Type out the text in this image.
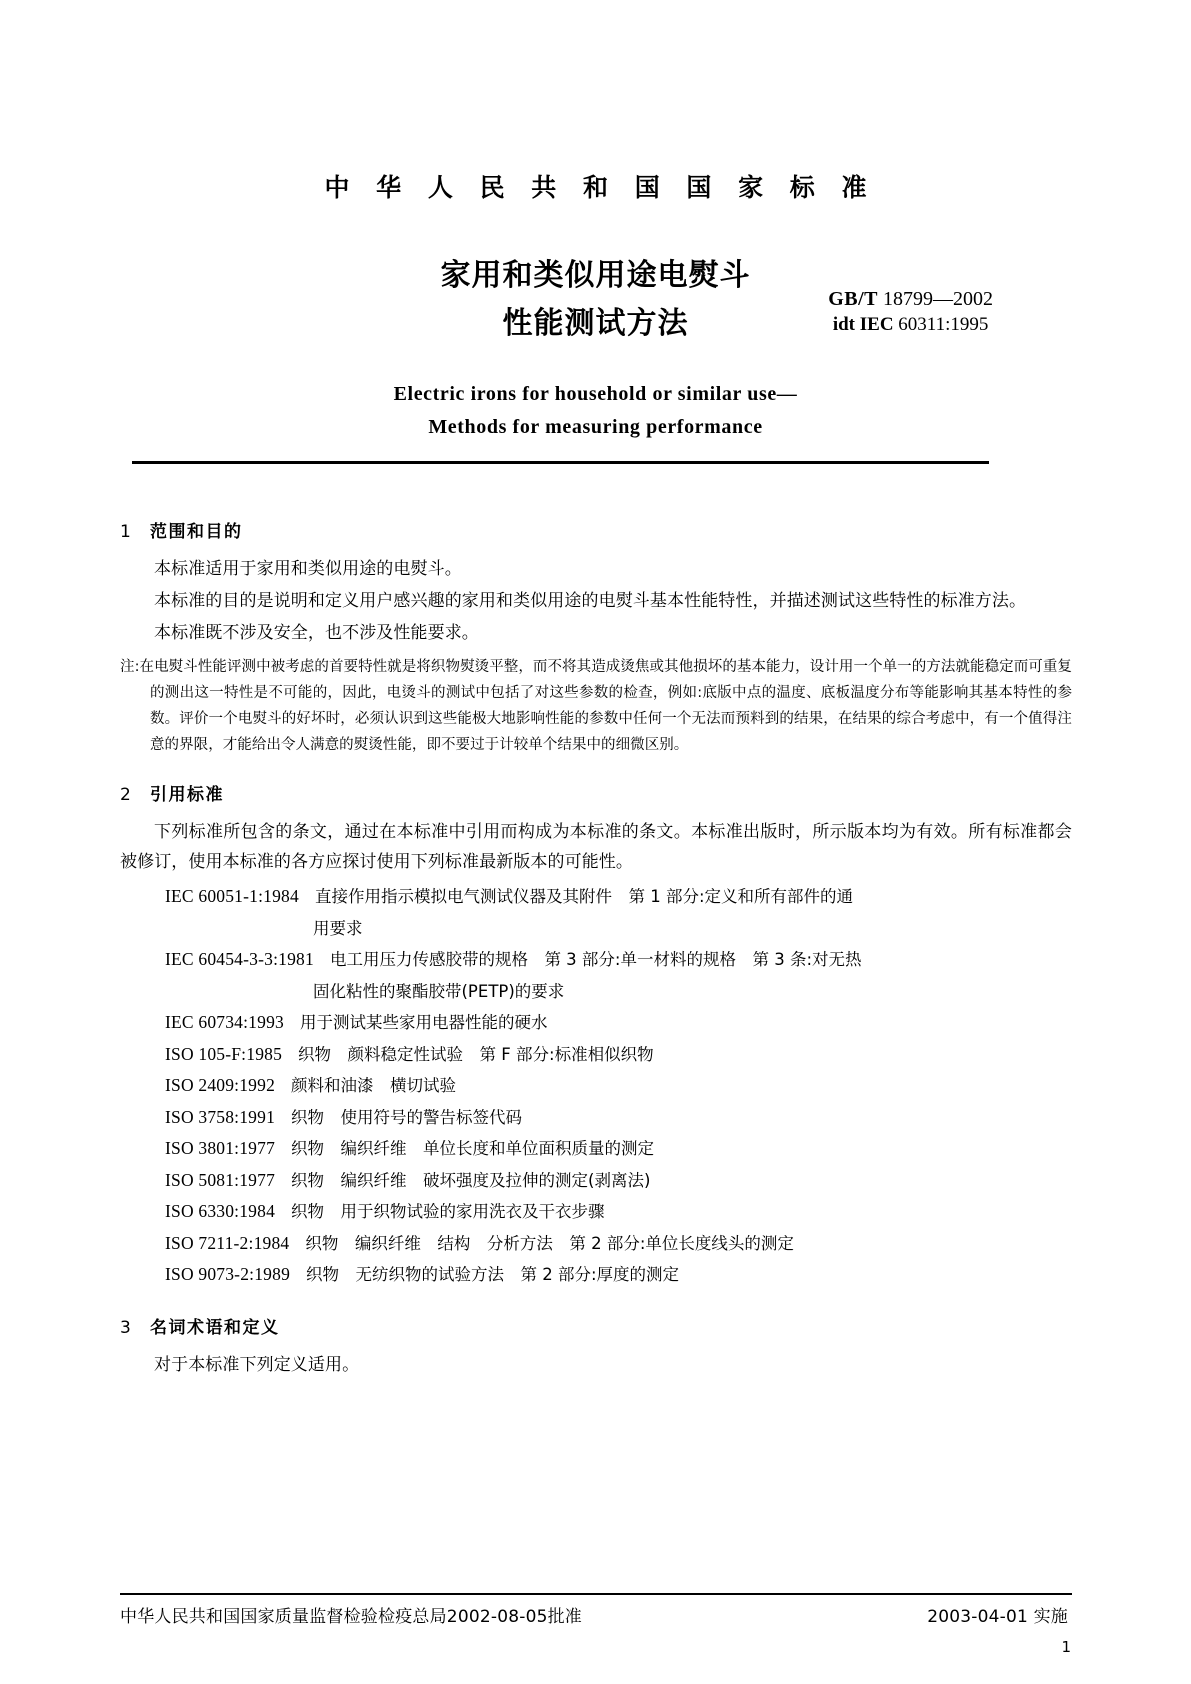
中 华 人 民 共 和 国 国 家 标 准
家用和类似用途电熨斗
性能测试方法
Electric irons for household or similar use—
Methods for measuring performance
GB/T 18799—2002
idt IEC 60311:1995
1 范围和目的

本标准适用于家用和类似用途的电熨斗。

本标准的目的是说明和定义用户感兴趣的家用和类似用途的电熨斗基本性能特性，并描述测试这些特性的标准方法。

本标准既不涉及安全，也不涉及性能要求。

注:在电熨斗性能评测中被考虑的首要特性就是将织物熨烫平整，而不将其造成烫焦或其他损坏的基本能力，设计用一个单一的方法就能稳定而可重复的测出这一特性是不可能的，因此，电烫斗的测试中包括了对这些参数的检查，例如:底版中点的温度、底板温度分布等能影响其基本特性的参数。评价一个电熨斗的好坏时，必须认识到这些能极大地影响性能的参数中任何一个无法而预料到的结果，在结果的综合考虑中，有一个值得注意的界限，才能给出令人满意的熨烫性能，即不要过于计较单个结果中的细微区别。
2 引用标准

下列标准所包含的条文，通过在本标准中引用而构成为本标准的条文。本标准出版时，所示版本均为有效。所有标准都会被修订，使用本标准的各方应探讨使用下列标准最新版本的可能性。

IEC 60051-1:1984 直接作用指示模拟电气测试仪器及其附件　第 1 部分:定义和所有部件的通
用要求
IEC 60454-3-3:1981 电工用压力传感胶带的规格　第 3 部分:单一材料的规格　第 3 条:对无热
固化粘性的聚酯胶带(PETP)的要求
IEC 60734:1993 用于测试某些家用电器性能的硬水
ISO 105-F:1985 织物　颜料稳定性试验　第 F 部分:标准相似织物
ISO 2409:1992 颜料和油漆　横切试验
ISO 3758:1991 织物　使用符号的警告标签代码
ISO 3801:1977 织物　编织纤维　单位长度和单位面积质量的测定
ISO 5081:1977 织物　编织纤维　破坏强度及拉伸的测定(剥离法)
ISO 6330:1984 织物　用于织物试验的家用洗衣及干衣步骤
ISO 7211-2:1984 织物　编织纤维　结构　分析方法　第 2 部分:单位长度线头的测定
ISO 9073-2:1989 织物　无纺织物的试验方法　第 2 部分:厚度的测定
3 名词术语和定义

对于本标准下列定义适用。

中华人民共和国国家质量监督检验检疫总局2002-08-05批准	2003-04-01 实施
1
